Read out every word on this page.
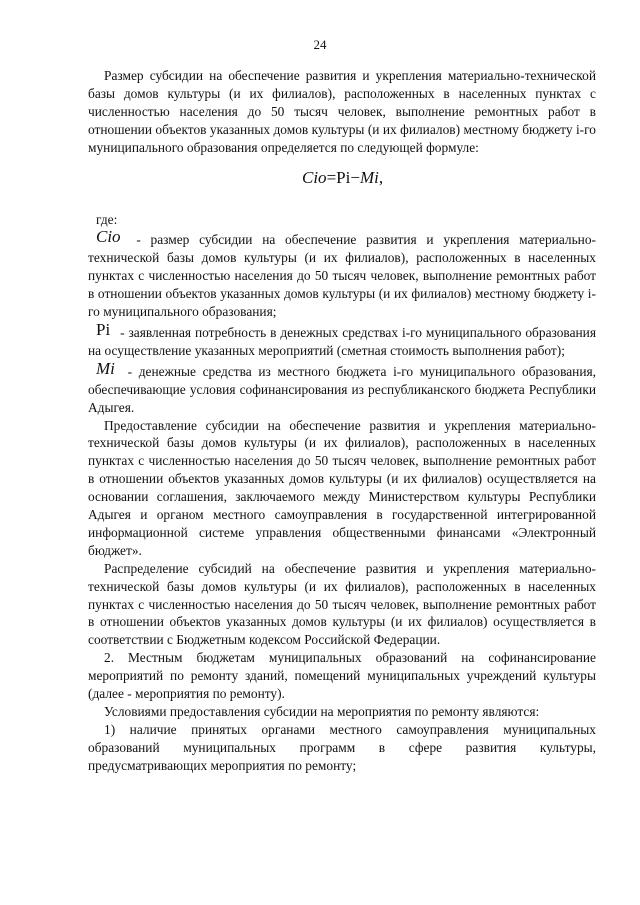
24

Размер субсидии на обеспечение развития и укрепления материально-технической базы домов культуры (и их филиалов), расположенных в населенных пунктах с численностью населения до 50 тысяч человек, выполнение ремонтных работ в отношении объектов указанных домов культуры (и их филиалов) местному бюджету i-го муниципального образования определяется по следующей формуле:

Сio=Pi−Mi,

где:

Сio - размер субсидии на обеспечение развития и укрепления материально-технической базы домов культуры (и их филиалов), расположенных в населенных пунктах с численностью населения до 50 тысяч человек, выполнение ремонтных работ в отношении объектов указанных домов культуры (и их филиалов) местному бюджету i-го муниципального образования;

Pi - заявленная потребность в денежных средствах i-го муниципального образования на осуществление указанных мероприятий (сметная стоимость выполнения работ);

Mi - денежные средства из местного бюджета i-го муниципального образования, обеспечивающие условия софинансирования из республиканского бюджета Республики Адыгея.

Предоставление субсидии на обеспечение развития и укрепления материально-технической базы домов культуры (и их филиалов), расположенных в населенных пунктах с численностью населения до 50 тысяч человек, выполнение ремонтных работ в отношении объектов указанных домов культуры (и их филиалов) осуществляется на основании соглашения, заключаемого между Министерством культуры Республики Адыгея и органом местного самоуправления в государственной интегрированной информационной системе управления общественными финансами «Электронный бюджет».

Распределение субсидий на обеспечение развития и укрепления материально-технической базы домов культуры (и их филиалов), расположенных в населенных пунктах с численностью населения до 50 тысяч человек, выполнение ремонтных работ в отношении объектов указанных домов культуры (и их филиалов) осуществляется в соответствии с Бюджетным кодексом Российской Федерации.

2. Местным бюджетам муниципальных образований на софинансирование мероприятий по ремонту зданий, помещений муниципальных учреждений культуры (далее - мероприятия по ремонту).

Условиями предоставления субсидии на мероприятия по ремонту являются:

1) наличие принятых органами местного самоуправления муниципальных образований муниципальных программ в сфере развития культуры, предусматривающих мероприятия по ремонту;
